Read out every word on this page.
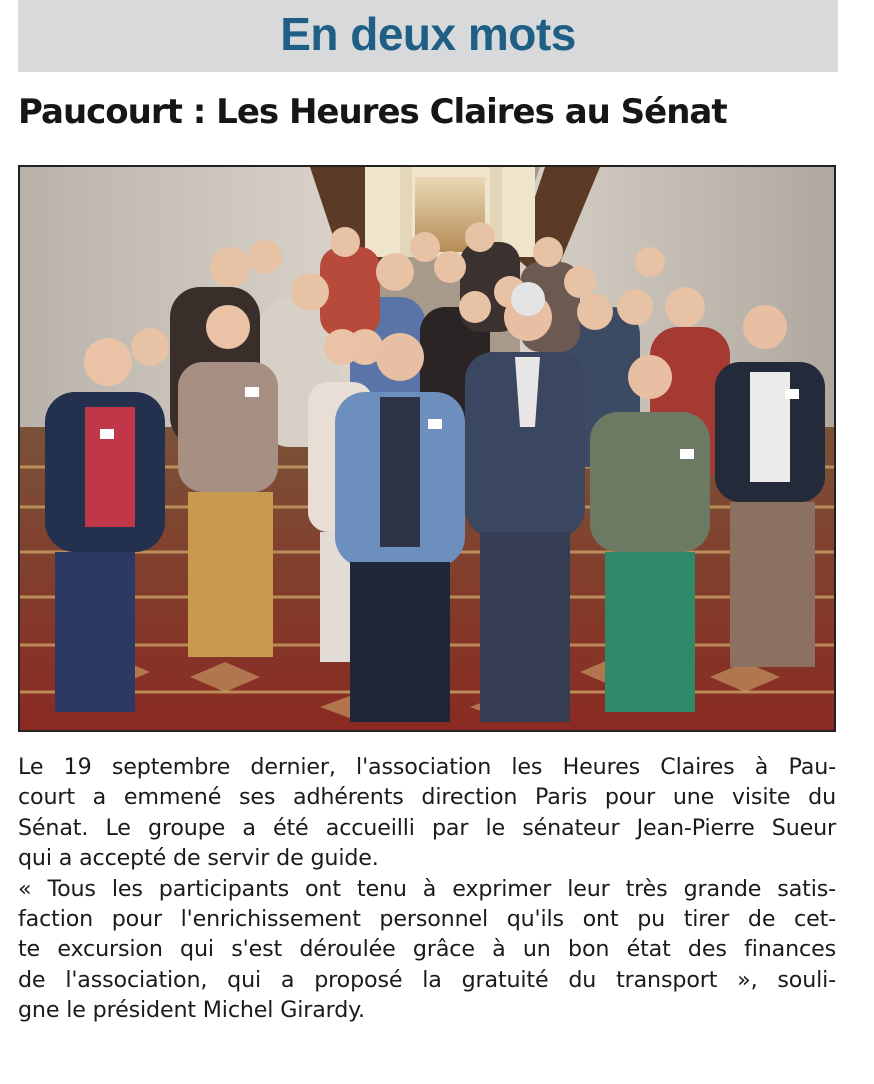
En deux mots
Paucourt : Les Heures Claires au Sénat
Le 19 septembre dernier, l'association les Heures Claires à Pau-
court a emmené ses adhérents direction Paris pour une visite du
Sénat. Le groupe a été accueilli par le sénateur Jean-Pierre Sueur
qui a accepté de servir de guide.
« Tous les participants ont tenu à exprimer leur très grande satis-
faction pour l'enrichissement personnel qu'ils ont pu tirer de cet-
te excursion qui s'est déroulée grâce à un bon état des finances
de l'association, qui a proposé la gratuité du transport », souli-
gne le président Michel Girardy.
